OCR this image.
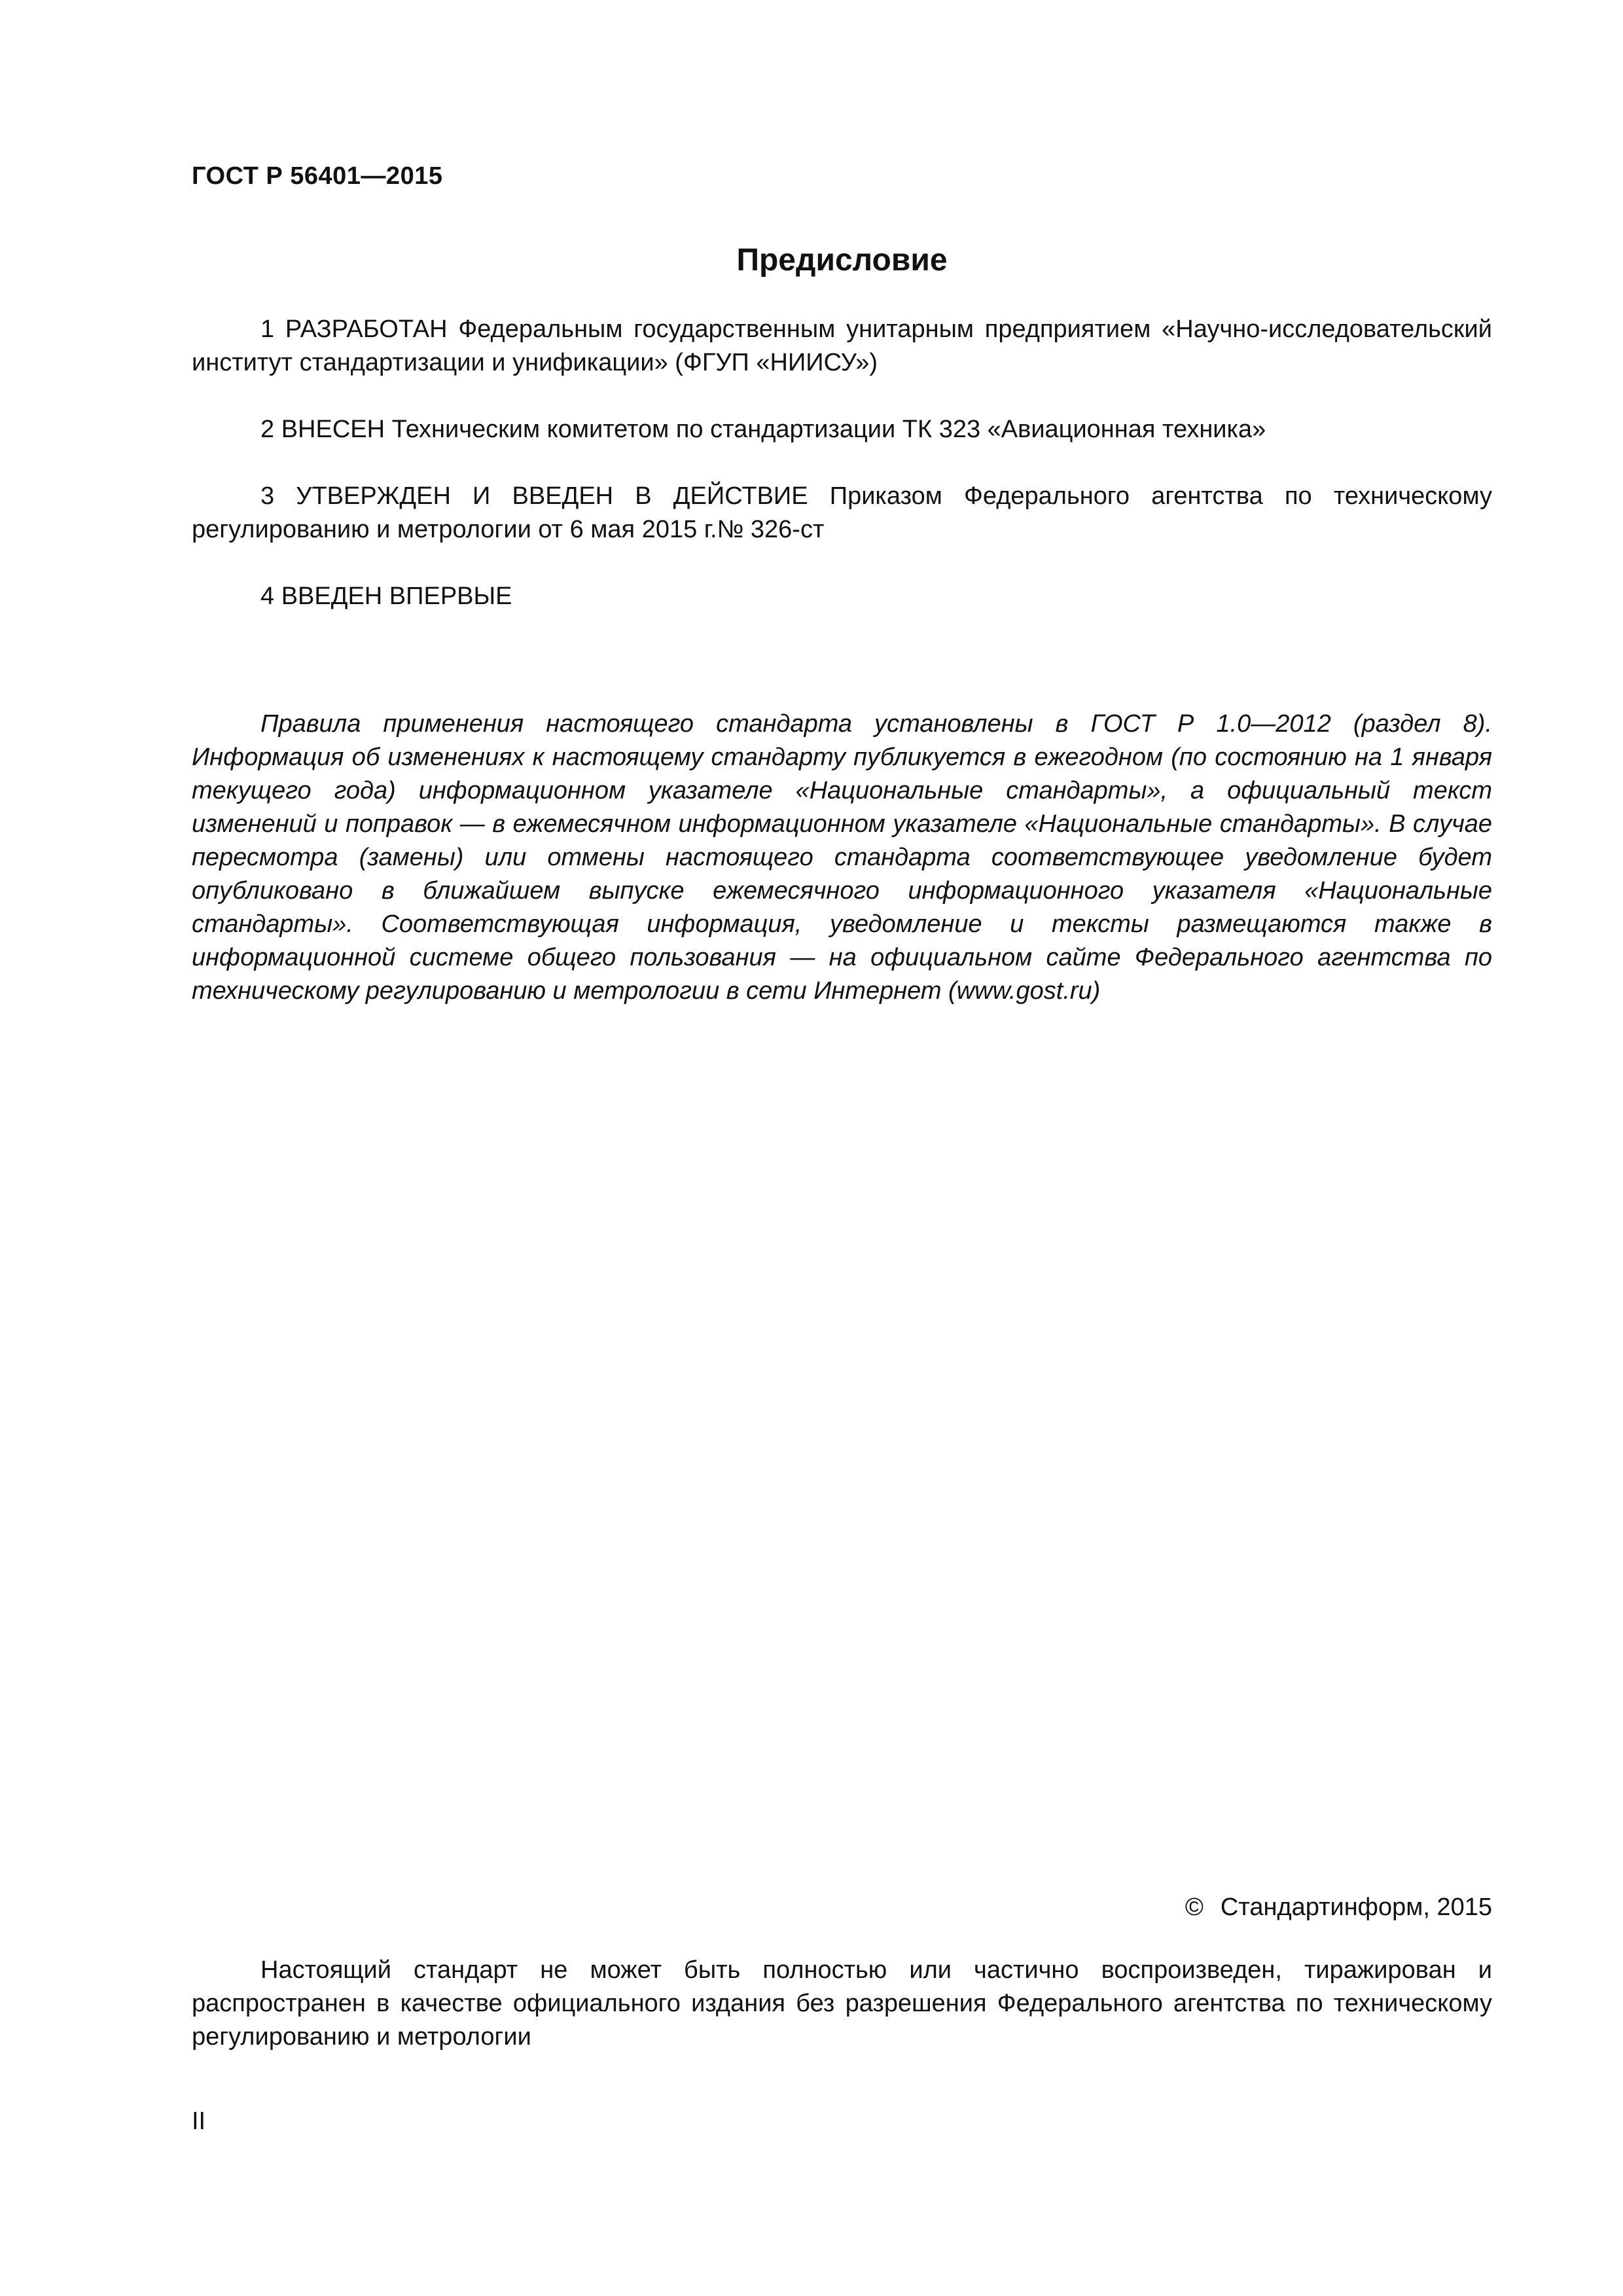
ГОСТ Р 56401—2015
Предисловие

1 РАЗРАБОТАН Федеральным государственным унитарным предприятием «Научно-исследовательский институт стандартизации и унификации» (ФГУП «НИИСУ»)

2 ВНЕСЕН Техническим комитетом по стандартизации ТК 323 «Авиационная техника»

3 УТВЕРЖДЕН И ВВЕДЕН В ДЕЙСТВИЕ Приказом Федерального агентства по техническому регулированию и метрологии от 6 мая 2015 г.№ 326-ст

4 ВВЕДЕН ВПЕРВЫЕ

Правила применения настоящего стандарта установлены в ГОСТ Р 1.0—2012 (раздел 8). Информация об изменениях к настоящему стандарту публикуется в ежегодном (по состоянию на 1 января текущего года) информационном указателе «Национальные стандарты», а официальный текст изменений и поправок — в ежемесячном информационном указателе «Национальные стандарты». В случае пересмотра (замены) или отмены настоящего стандарта соответствующее уведомление будет опубликовано в ближайшем выпуске ежемесячного информационного указателя «Национальные стандарты». Соответствующая информация, уведомление и тексты размещаются также в информационной системе общего пользования — на официальном сайте Федерального агентства по техническому регулированию и метрологии в сети Интернет (www.gost.ru)

© Стандартинформ, 2015

Настоящий стандарт не может быть полностью или частично воспроизведен, тиражирован и распространен в качестве официального издания без разрешения Федерального агентства по техническому регулированию и метрологии

II
